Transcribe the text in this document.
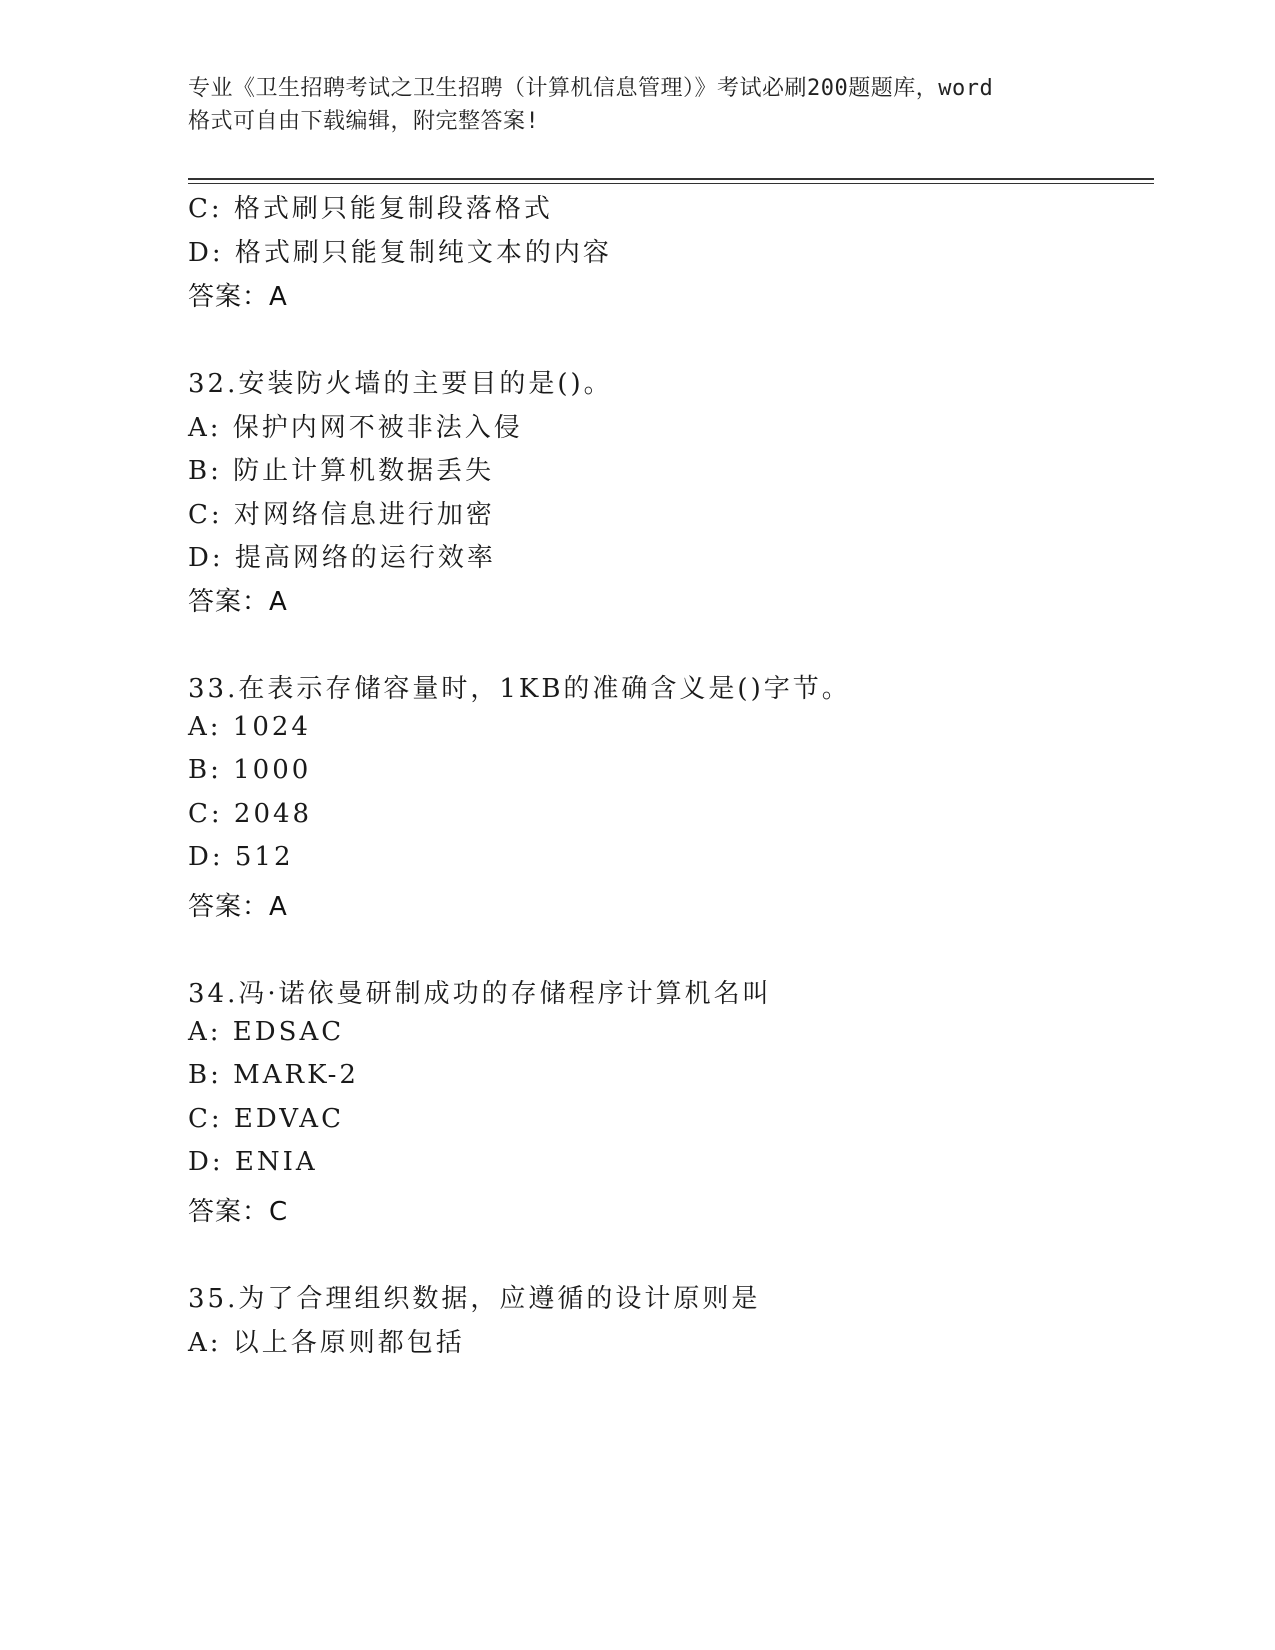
专业《卫生招聘考试之卫生招聘（计算机信息管理）》考试必刷200题题库，word
格式可自由下载编辑，附完整答案!
C: 格式刷只能复制段落格式
D: 格式刷只能复制纯文本的内容
答案：A
32.安装防火墙的主要目的是()。
A: 保护内网不被非法入侵
B: 防止计算机数据丢失
C: 对网络信息进行加密
D: 提高网络的运行效率
答案：A
33.在表示存储容量时，1KB的准确含义是()字节。
A: 1024
B: 1000
C: 2048
D: 512
答案：A
34.冯·诺依曼研制成功的存储程序计算机名叫
A: EDSAC
B: MARK-2
C: EDVAC
D: ENIA
答案：C
35.为了合理组织数据，应遵循的设计原则是
A: 以上各原则都包括
